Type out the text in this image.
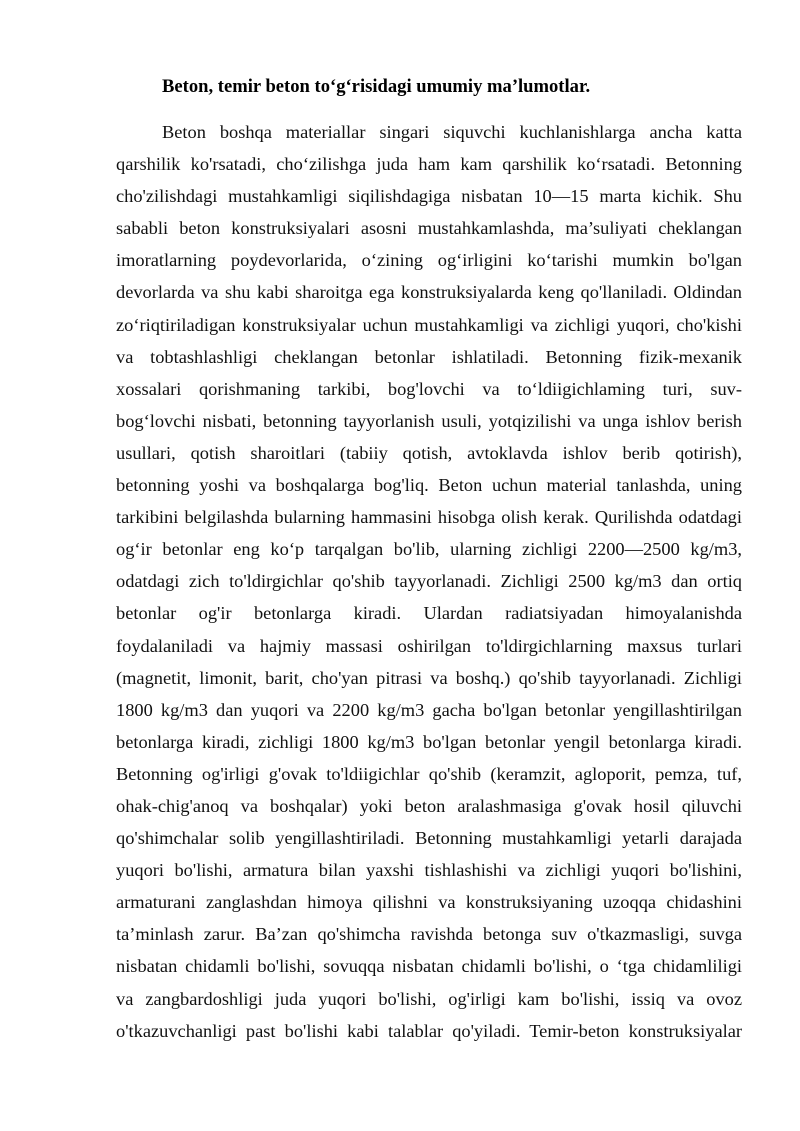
Beton, temir beton to‘g‘risidagi umumiy ma’lumotlar.
Beton boshqa materiallar singari siquvchi kuchlanishlarga ancha katta
qarshilik ko'rsatadi, cho‘zilishga juda ham kam qarshilik ko‘rsatadi. Betonning
cho'zilishdagi mustahkamligi siqilishdagiga nisbatan 10—15 marta kichik. Shu
sababli beton konstruksiyalari asosni mustahkamlashda, ma’suliyati cheklangan
imoratlarning poydevorlarida, o‘zining og‘irligini ko‘tarishi mumkin bo'lgan
devorlarda va shu kabi sharoitga ega konstruksiyalarda keng qo'llaniladi. Oldindan
zo‘riqtiriladigan konstruksiyalar uchun mustahkamligi va zichligi yuqori, cho'kishi
va tobtashlashligi cheklangan betonlar ishlatiladi. Betonning fizik-mexanik
xossalari qorishmaning tarkibi, bog'lovchi va to‘ldiigichlaming turi, suv-
bog‘lovchi nisbati, betonning tayyorlanish usuli, yotqizilishi va unga ishlov berish
usullari, qotish sharoitlari (tabiiy qotish, avtoklavda ishlov berib qotirish),
betonning yoshi va boshqalarga bog'liq. Beton uchun material tanlashda, uning
tarkibini belgilashda bularning hammasini hisobga olish kerak. Qurilishda odatdagi
og‘ir betonlar eng ko‘p tarqalgan bo'lib, ularning zichligi 2200—2500 kg/m3,
odatdagi zich to'ldirgichlar qo'shib tayyorlanadi. Zichligi 2500 kg/m3 dan ortiq
betonlar og'ir betonlarga kiradi. Ulardan radiatsiyadan himoyalanishda
foydalaniladi va hajmiy massasi oshirilgan to'ldirgichlarning maxsus turlari
(magnetit, limonit, barit, cho'yan pitrasi va boshq.) qo'shib tayyorlanadi. Zichligi
1800 kg/m3 dan yuqori va 2200 kg/m3 gacha bo'lgan betonlar yengillashtirilgan
betonlarga kiradi, zichligi 1800 kg/m3 bo'lgan betonlar yengil betonlarga kiradi.
Betonning og'irligi g'ovak to'ldiigichlar qo'shib (keramzit, agloporit, pemza, tuf,
ohak-chig'anoq va boshqalar) yoki beton aralashmasiga g'ovak hosil qiluvchi
qo'shimchalar solib yengillashtiriladi. Betonning mustahkamligi yetarli darajada
yuqori bo'lishi, armatura bilan yaxshi tishlashishi va zichligi yuqori bo'lishini,
armaturani zanglashdan himoya qilishni va konstruksiyaning uzoqqa chidashini
ta’minlash zarur. Ba’zan qo'shimcha ravishda betonga suv o'tkazmasligi, suvga
nisbatan chidamli bo'lishi, sovuqqa nisbatan chidamli bo'lishi, o ‘tga chidamliligi
va zangbardoshligi juda yuqori bo'lishi, og'irligi kam bo'lishi, issiq va ovoz
o'tkazuvchanligi past bo'lishi kabi talablar qo'yiladi. Temir-beton konstruksiyalar
